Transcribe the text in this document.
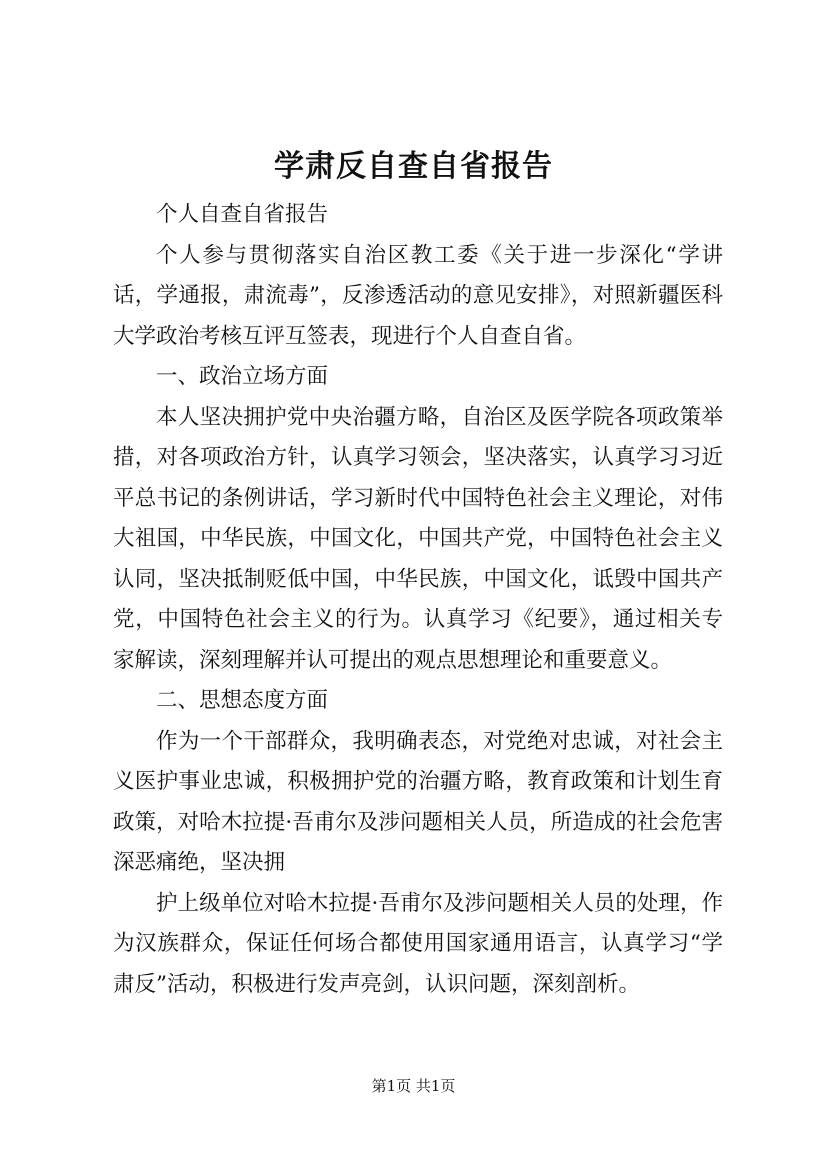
学肃反自查自省报告

个人自查自省报告

个人参与贯彻落实自治区教工委《关于进一步深化“学讲话，学通报，肃流毒”，反渗透活动的意见安排》，对照新疆医科大学政治考核互评互签表，现进行个人自查自省。

一、政治立场方面

本人坚决拥护党中央治疆方略，自治区及医学院各项政策举措，对各项政治方针，认真学习领会，坚决落实，认真学习习近平总书记的条例讲话，学习新时代中国特色社会主义理论，对伟大祖国，中华民族，中国文化，中国共产党，中国特色社会主义认同，坚决抵制贬低中国，中华民族，中国文化，诋毁中国共产党，中国特色社会主义的行为。认真学习《纪要》，通过相关专家解读，深刻理解并认可提出的观点思想理论和重要意义。

二、思想态度方面

作为一个干部群众，我明确表态，对党绝对忠诚，对社会主义医护事业忠诚，积极拥护党的治疆方略，教育政策和计划生育政策，对哈木拉提·吾甫尔及涉问题相关人员，所造成的社会危害深恶痛绝，坚决拥

护上级单位对哈木拉提·吾甫尔及涉问题相关人员的处理，作为汉族群众，保证任何场合都使用国家通用语言，认真学习“学肃反”活动，积极进行发声亮剑，认识问题，深刻剖析。

第1页 共1页
